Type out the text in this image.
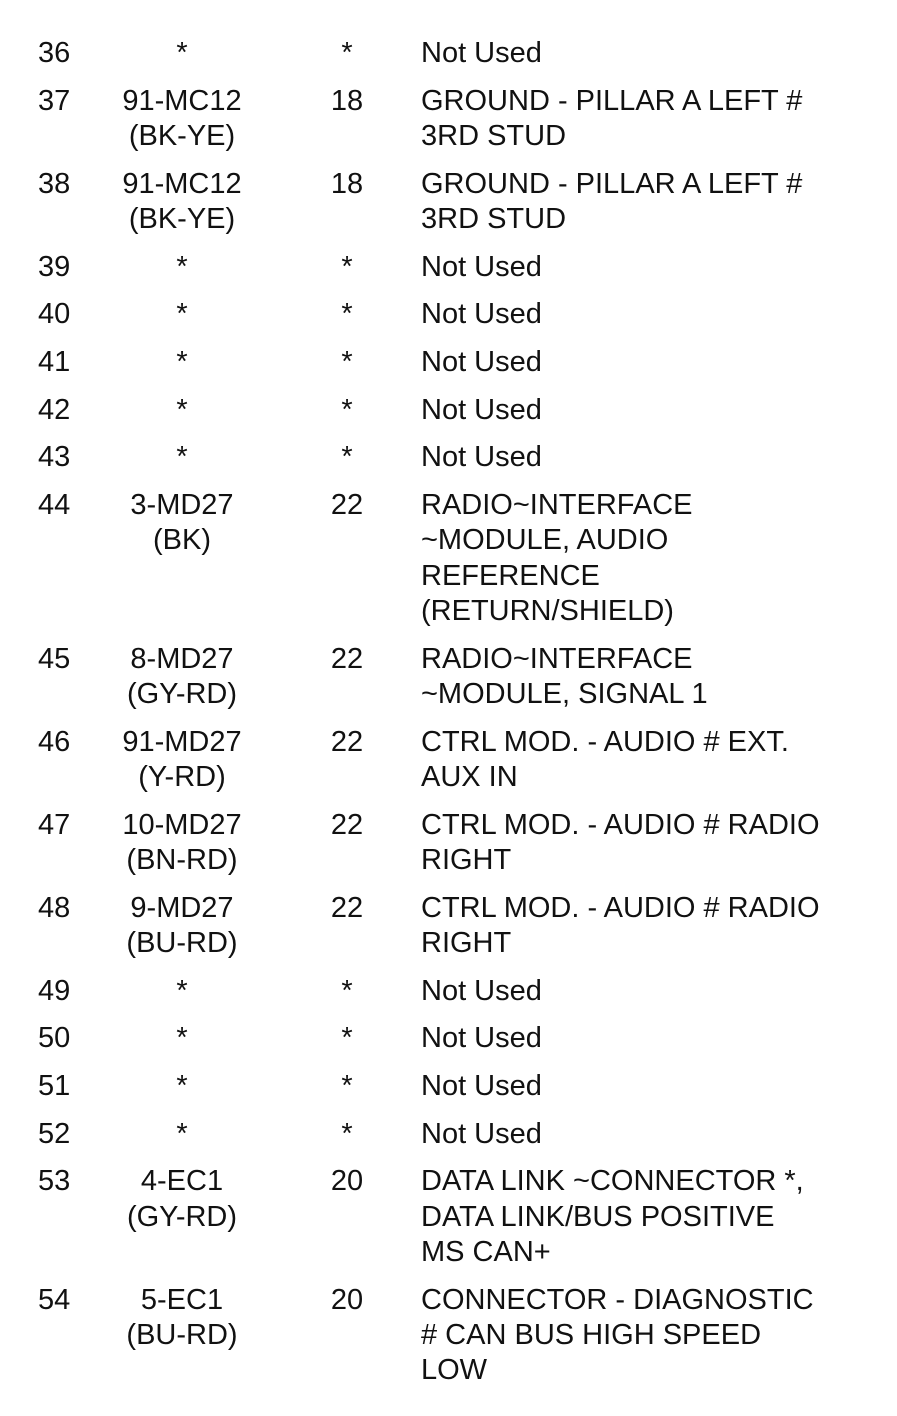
36	*	*	Not Used
37	91-MC12
(BK-YE)
18	GROUND - PILLAR A LEFT #
3RD STUD
38	91-MC12
(BK-YE)
18	GROUND - PILLAR A LEFT #
3RD STUD
39	*	*	Not Used
40	*	*	Not Used
41	*	*	Not Used
42	*	*	Not Used
43	*	*	Not Used
44	3-MD27
(BK)
22	RADIO~INTERFACE
~MODULE, AUDIO
REFERENCE
(RETURN/SHIELD)
45	8-MD27
(GY-RD)
22	RADIO~INTERFACE
~MODULE, SIGNAL 1
46	91-MD27
(Y-RD)
22	CTRL MOD. - AUDIO # EXT.
AUX IN
47	10-MD27
(BN-RD)
22	CTRL MOD. - AUDIO # RADIO
RIGHT
48	9-MD27
(BU-RD)
22	CTRL MOD. - AUDIO # RADIO
RIGHT
49	*	*	Not Used
50	*	*	Not Used
51	*	*	Not Used
52	*	*	Not Used
53	4-EC1
(GY-RD)
20	DATA LINK ~CONNECTOR *,
DATA LINK/BUS POSITIVE
MS CAN+
54	5-EC1
(BU-RD)
20	CONNECTOR - DIAGNOSTIC
# CAN BUS HIGH SPEED
LOW
